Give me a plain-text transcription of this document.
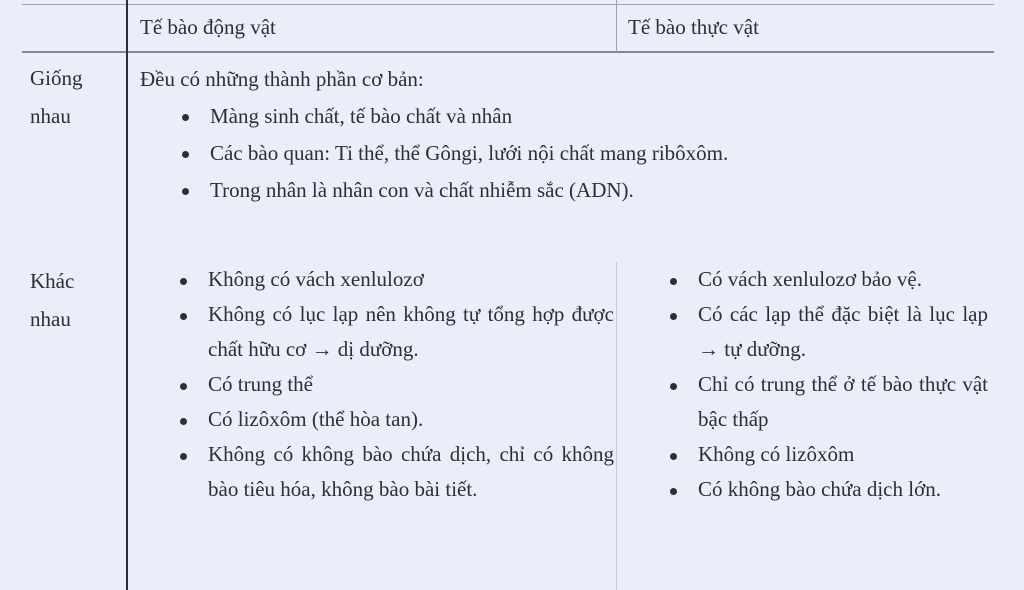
Tế bào động vật	Tế bào thực vật
Giống nhau
Đều có những thành phần cơ bản:
Màng sinh chất, tế bào chất và nhân
Các bào quan: Ti thể, thể Gôngi, lưới nội chất mang ribôxôm.
Trong nhân là nhân con và chất nhiễm sắc (ADN).
Khác nhau
Không có vách xenlulozơ
Không có lục lạp nên không tự tổng hợp được chất hữu cơ → dị dưỡng.
Có trung thể
Có lizôxôm (thể hòa tan).
Không có không bào chứa dịch, chỉ có không bào tiêu hóa, không bào bài tiết.
Có vách xenlulozơ bảo vệ.
Có các lạp thể đặc biệt là lục lạp → tự dưỡng.
Chỉ có trung thể ở tế bào thực vật bậc thấp
Không có lizôxôm
Có không bào chứa dịch lớn.
